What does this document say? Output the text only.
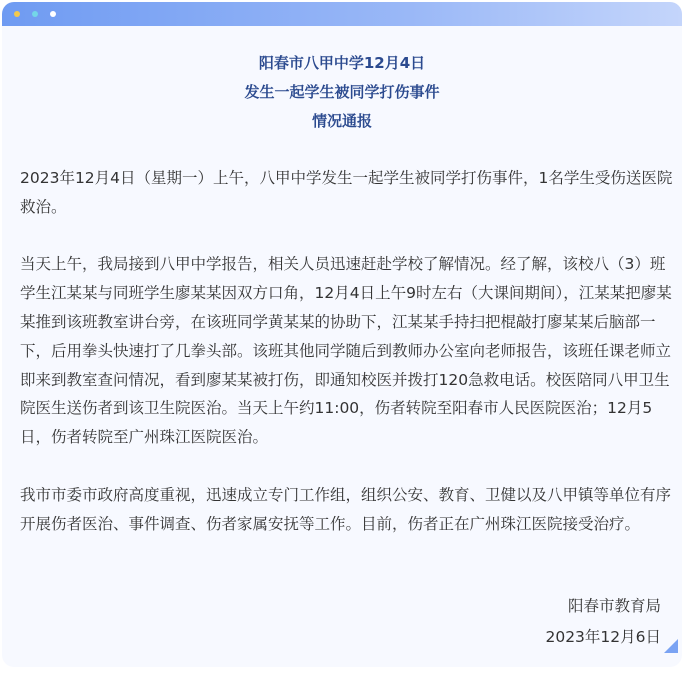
阳春市八甲中学12月4日
发生一起学生被同学打伤事件
情况通报

2023年12月4日（星期一）上午，八甲中学发生一起学生被同学打伤事件，1名学生受伤送医院救治。

当天上午，我局接到八甲中学报告，相关人员迅速赶赴学校了解情况。经了解，该校八（3）班学生江某某与同班学生廖某某因双方口角，12月4日上午9时左右（大课间期间），江某某把廖某某推到该班教室讲台旁，在该班同学黄某某的协助下，江某某手持扫把棍敲打廖某某后脑部一下，后用拳头快速打了几拳头部。该班其他同学随后到教师办公室向老师报告，该班任课老师立即来到教室查问情况，看到廖某某被打伤，即通知校医并拨打120急救电话。校医陪同八甲卫生院医生送伤者到该卫生院医治。当天上午约11:00，伤者转院至阳春市人民医院医治；12月5日，伤者转院至广州珠江医院医治。

我市市委市政府高度重视，迅速成立专门工作组，组织公安、教育、卫健以及八甲镇等单位有序开展伤者医治、事件调查、伤者家属安抚等工作。目前，伤者正在广州珠江医院接受治疗。

阳春市教育局
2023年12月6日
